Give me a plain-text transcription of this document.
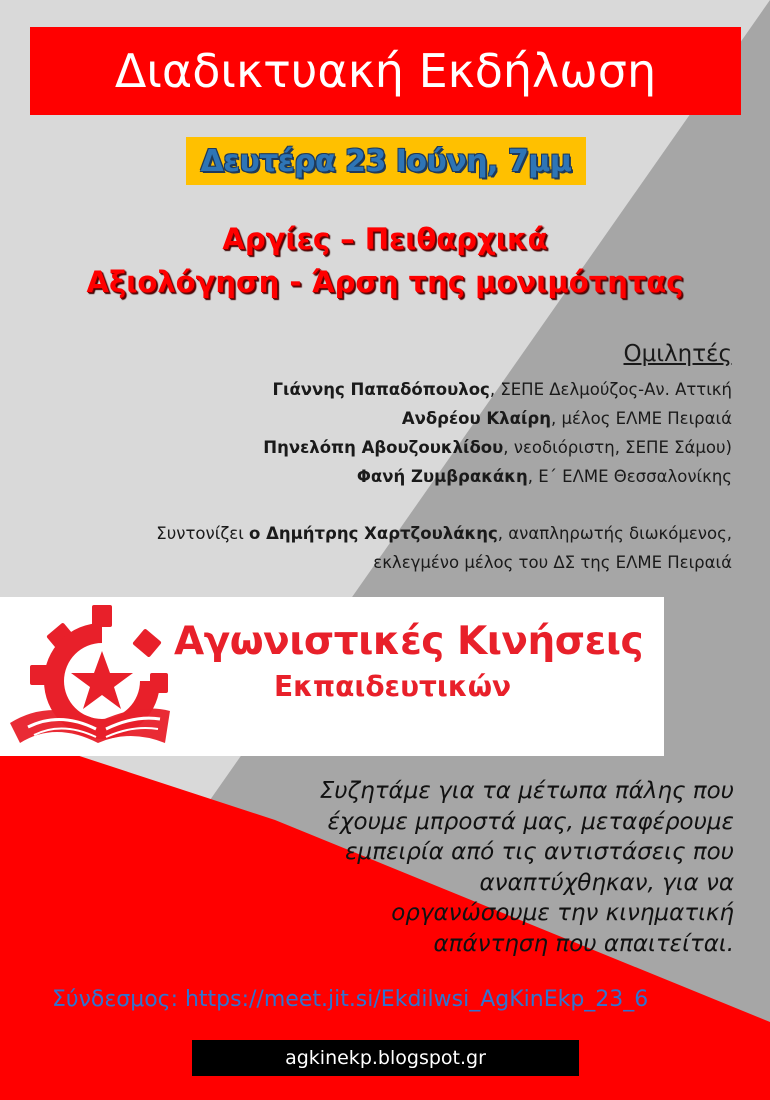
Διαδικτυακή Εκδήλωση
Δευτέρα 23 Ιούνη, 7μμ
Αργίες – Πειθαρχικά
Αξιολόγηση - Άρση της μονιμότητας
Ομιλητές
Γιάννης Παπαδόπουλος, ΣΕΠΕ Δελμούζος-Αν. Αττική
Ανδρέου Κλαίρη, μέλος ΕΛΜΕ Πειραιά
Πηνελόπη Αβουζουκλίδου, νεοδιόριστη, ΣΕΠΕ Σάμου)
Φανή Ζυμβρακάκη, Ε΄ ΕΛΜΕ Θεσσαλονίκης
Συντονίζει ο Δημήτρης Χαρτζουλάκης, αναπληρωτής διωκόμενος,
εκλεγμένο μέλος του ΔΣ της ΕΛΜΕ Πειραιά
Αγωνιστικές Κινήσεις
Εκπαιδευτικών
Συζητάμε για τα μέτωπα πάλης που
έχουμε μπροστά μας, μεταφέρουμε
εμπειρία από τις αντιστάσεις που
αναπτύχθηκαν, για να
οργανώσουμε την κινηματική
απάντηση που απαιτείται.
Σύνδεσμος: https://meet.jit.si/Ekdilwsi_AgKinEkp_23_6
agkinekp.blogspot.gr
